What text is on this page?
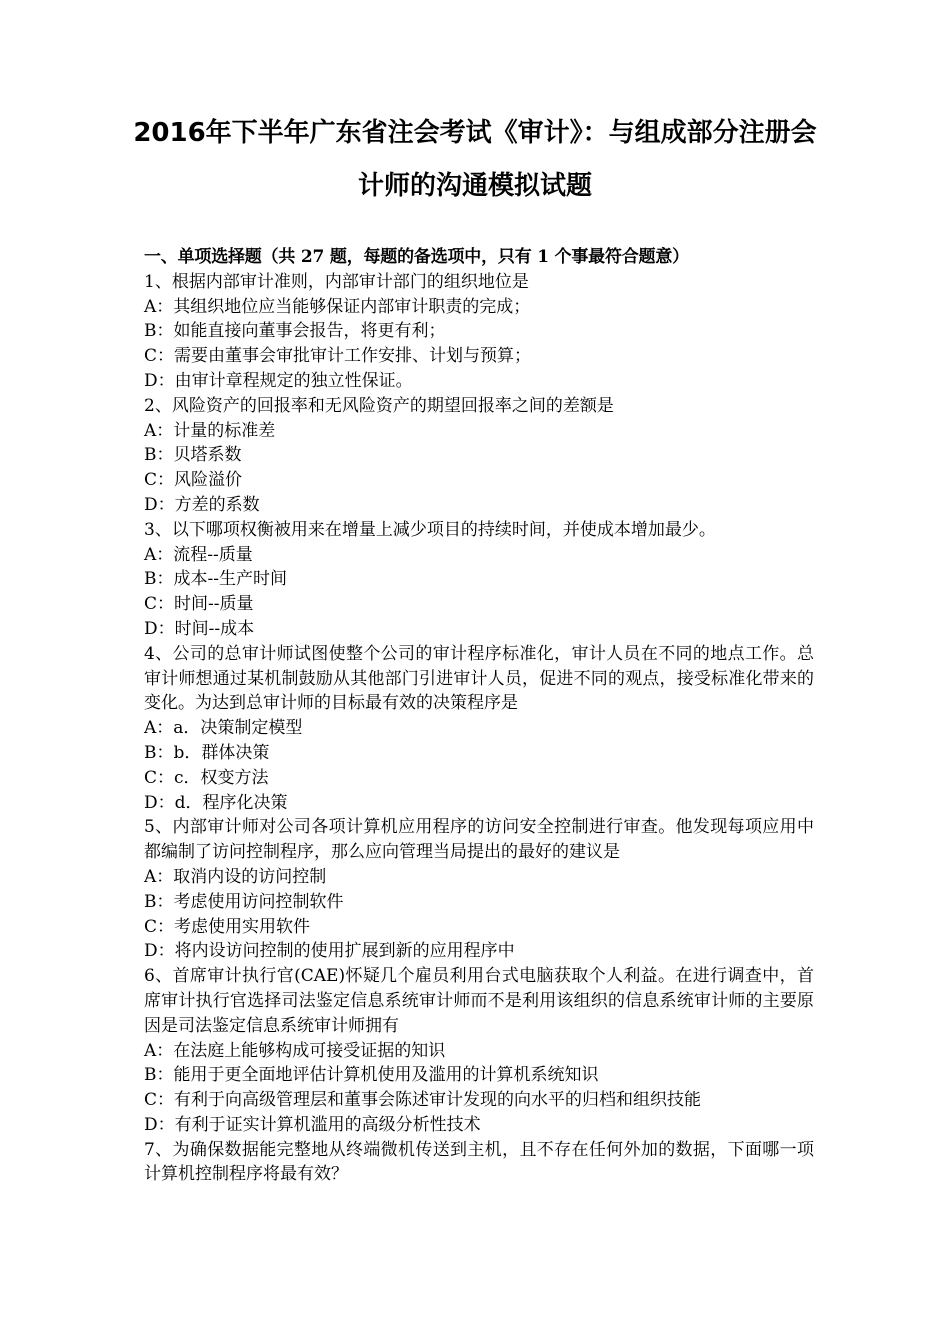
2016年下半年广东省注会考试《审计》：与组成部分注册会
计师的沟通模拟试题
一、单项选择题（共 27 题，每题的备选项中，只有 1 个事最符合题意）
1、根据内部审计准则，内部审计部门的组织地位是
A：其组织地位应当能够保证内部审计职责的完成；
B：如能直接向董事会报告，将更有利；
C：需要由董事会审批审计工作安排、计划与预算；
D：由审计章程规定的独立性保证。
2、风险资产的回报率和无风险资产的期望回报率之间的差额是
A：计量的标准差
B：贝塔系数
C：风险溢价
D：方差的系数
3、以下哪项权衡被用来在增量上减少项目的持续时间，并使成本增加最少。
A：流程--质量
B：成本--生产时间
C：时间--质量
D：时间--成本
4、公司的总审计师试图使整个公司的审计程序标准化，审计人员在不同的地点工作。总审计师想通过某机制鼓励从其他部门引进审计人员，促进不同的观点，接受标准化带来的变化。为达到总审计师的目标最有效的决策程序是
A：a．决策制定模型
B：b．群体决策
C：c．权变方法
D：d．程序化决策
5、内部审计师对公司各项计算机应用程序的访问安全控制进行审查。他发现每项应用中都编制了访问控制程序，那么应向管理当局提出的最好的建议是
A：取消内设的访问控制
B：考虑使用访问控制软件
C：考虑使用实用软件
D：将内设访问控制的使用扩展到新的应用程序中
6、首席审计执行官(CAE)怀疑几个雇员利用台式电脑获取个人利益。在进行调查中，首席审计执行官选择司法鉴定信息系统审计师而不是利用该组织的信息系统审计师的主要原因是司法鉴定信息系统审计师拥有
A：在法庭上能够构成可接受证据的知识
B：能用于更全面地评估计算机使用及滥用的计算机系统知识
C：有利于向高级管理层和董事会陈述审计发现的向水平的归档和组织技能
D：有利于证实计算机滥用的高级分析性技术
7、为确保数据能完整地从终端微机传送到主机，且不存在任何外加的数据，下面哪一项计算机控制程序将最有效？
